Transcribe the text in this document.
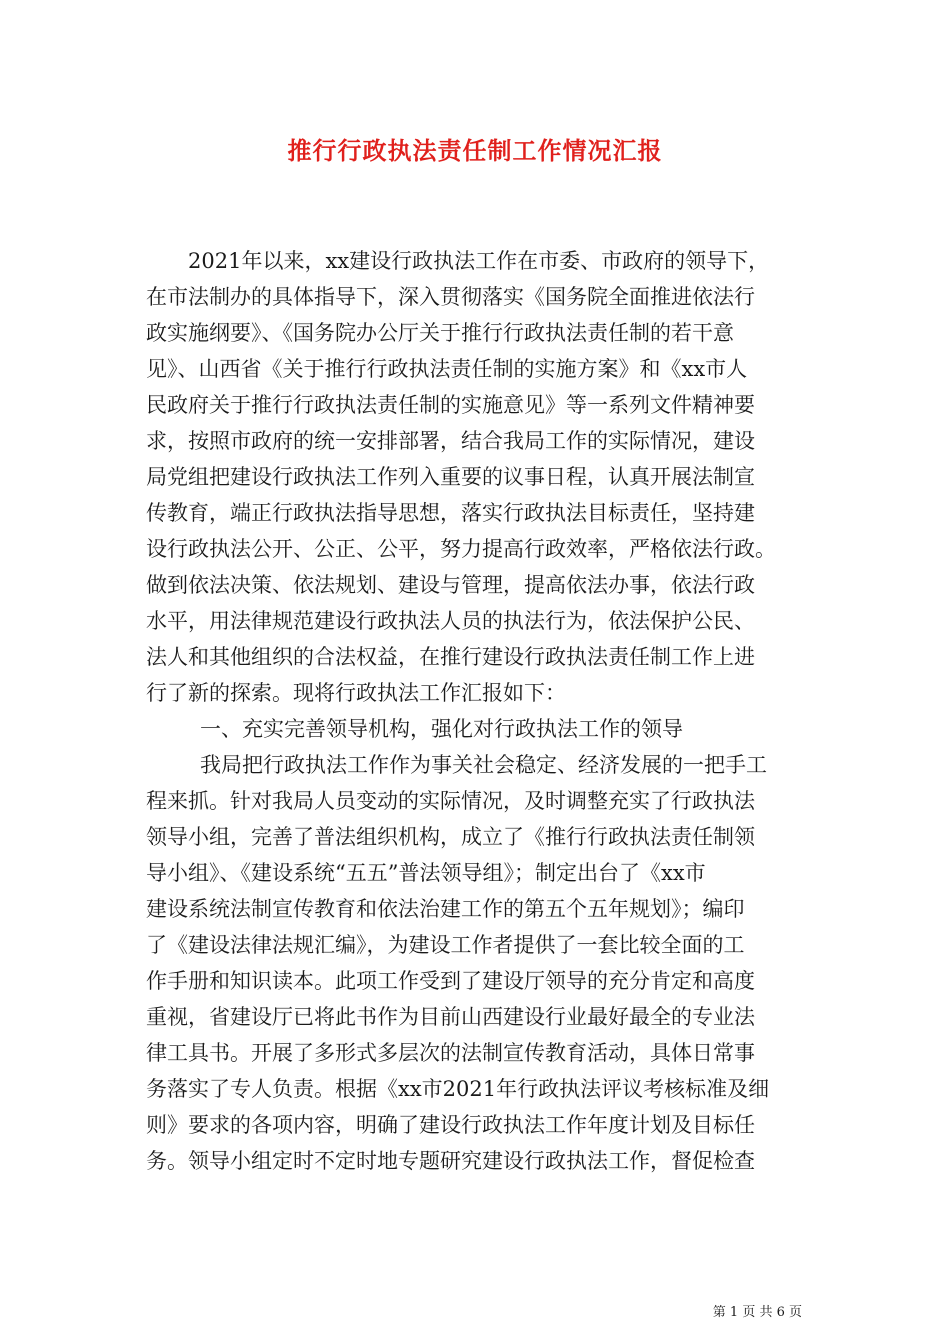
推行行政执法责任制工作情况汇报
2021年以来，xx建设行政执法工作在市委、市政府的领导下，
在市法制办的具体指导下，深入贯彻落实《国务院全面推进依法行
政实施纲要》、《国务院办公厅关于推行行政执法责任制的若干意
见》、山西省《关于推行行政执法责任制的实施方案》和《xx市人
民政府关于推行行政执法责任制的实施意见》等一系列文件精神要
求，按照市政府的统一安排部署，结合我局工作的实际情况，建设
局党组把建设行政执法工作列入重要的议事日程，认真开展法制宣
传教育，端正行政执法指导思想，落实行政执法目标责任，坚持建
设行政执法公开、公正、公平，努力提高行政效率，严格依法行政。
做到依法决策、依法规划、建设与管理，提高依法办事，依法行政
水平，用法律规范建设行政执法人员的执法行为，依法保护公民、
法人和其他组织的合法权益，在推行建设行政执法责任制工作上进
行了新的探索。现将行政执法工作汇报如下：
一、充实完善领导机构，强化对行政执法工作的领导
我局把行政执法工作作为事关社会稳定、经济发展的一把手工
程来抓。针对我局人员变动的实际情况，及时调整充实了行政执法
领导小组，完善了普法组织机构，成立了《推行行政执法责任制领
导小组》、《建设系统“五五”普法领导组》；制定出台了《xx市
建设系统法制宣传教育和依法治建工作的第五个五年规划》；编印
了《建设法律法规汇编》，为建设工作者提供了一套比较全面的工
作手册和知识读本。此项工作受到了建设厅领导的充分肯定和高度
重视，省建设厅已将此书作为目前山西建设行业最好最全的专业法
律工具书。开展了多形式多层次的法制宣传教育活动，具体日常事
务落实了专人负责。根据《xx市2021年行政执法评议考核标准及细
则》要求的各项内容，明确了建设行政执法工作年度计划及目标任
务。领导小组定时不定时地专题研究建设行政执法工作，督促检查
第 1 页 共 6 页
